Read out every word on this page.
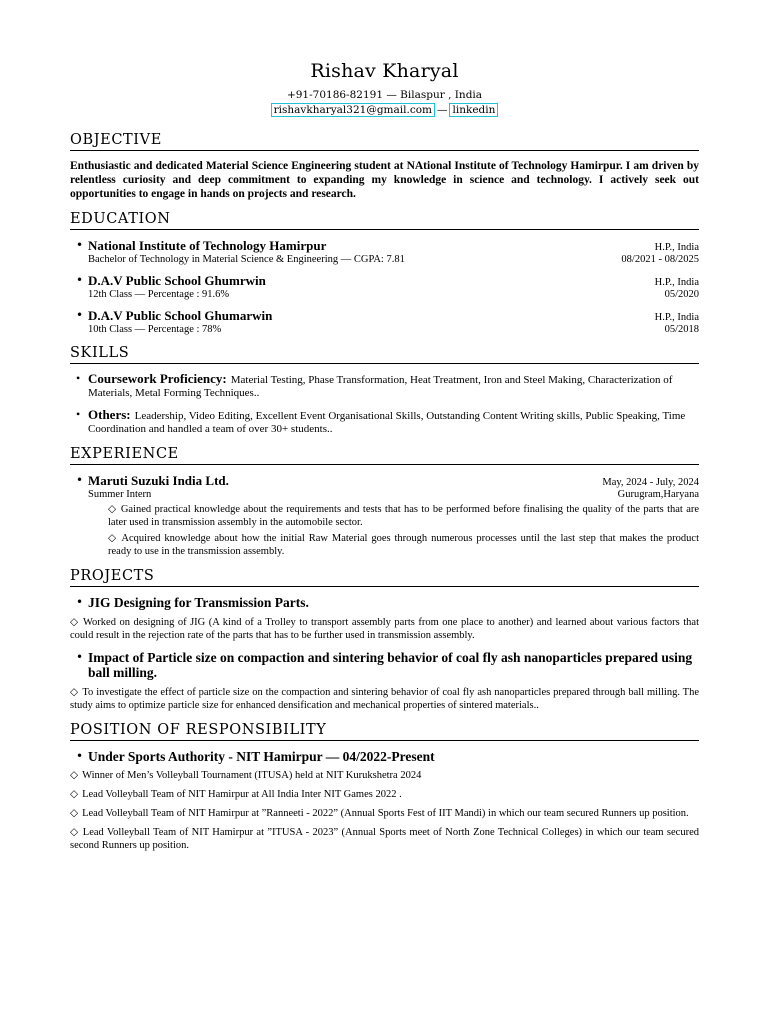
Rishav Kharyal
+91-70186-82191 — Bilaspur , India
rishavkharyal321@gmail.com — linkedin
OBJECTIVE

Enthusiastic and dedicated Material Science Engineering student at NAtional Institute of Technology Hamirpur. I am driven by relentless curiosity and deep commitment to expanding my knowledge in science and technology. I actively seek out opportunities to engage in hands on projects and research.

EDUCATION
• National Institute of Technology Hamirpur	H.P., India
Bachelor of Technology in Material Science & Engineering — CGPA: 7.81	08/2021 - 08/2025
• D.A.V Public School Ghumrwin	H.P., India
12th Class — Percentage : 91.6%	05/2020
• D.A.V Public School Ghumarwin	H.P., India
10th Class — Percentage : 78%	05/2018
SKILLS
• Coursework Proficiency: Material Testing, Phase Transformation, Heat Treatment, Iron and Steel Making, Characterization of Materials, Metal Forming Techniques..
• Others: Leadership, Video Editing, Excellent Event Organisational Skills, Outstanding Content Writing skills, Public Speaking, Time Coordination and handled a team of over 30+ students..
EXPERIENCE
• Maruti Suzuki India Ltd.	May, 2024 - July, 2024
Summer Intern	Gurugram,Haryana
◇ Gained practical knowledge about the requirements and tests that has to be performed before finalising the quality of the parts that are later used in transmission assembly in the automobile sector.
◇ Acquired knowledge about how the initial Raw Material goes through numerous processes until the last step that makes the product ready to use in the transmission assembly.
PROJECTS
• JIG Designing for Transmission Parts.
◇ Worked on designing of JIG (A kind of a Trolley to transport assembly parts from one place to another) and learned about various factors that could result in the rejection rate of the parts that has to be further used in transmission assembly.
• Impact of Particle size on compaction and sintering behavior of coal fly ash nanoparticles prepared using ball milling.
◇ To investigate the effect of particle size on the compaction and sintering behavior of coal fly ash nanoparticles prepared through ball milling. The study aims to optimize particle size for enhanced densification and mechanical properties of sintered materials..
POSITION OF RESPONSIBILITY
• Under Sports Authority - NIT Hamirpur — 04/2022-Present
◇ Winner of Men’s Volleyball Tournament (ITUSA) held at NIT Kurukshetra 2024
◇ Lead Volleyball Team of NIT Hamirpur at All India Inter NIT Games 2022 .
◇ Lead Volleyball Team of NIT Hamirpur at ”Ranneeti - 2022” (Annual Sports Fest of IIT Mandi) in which our team secured Runners up position.
◇ Lead Volleyball Team of NIT Hamirpur at ”ITUSA - 2023” (Annual Sports meet of North Zone Technical Colleges) in which our team secured second Runners up position.
